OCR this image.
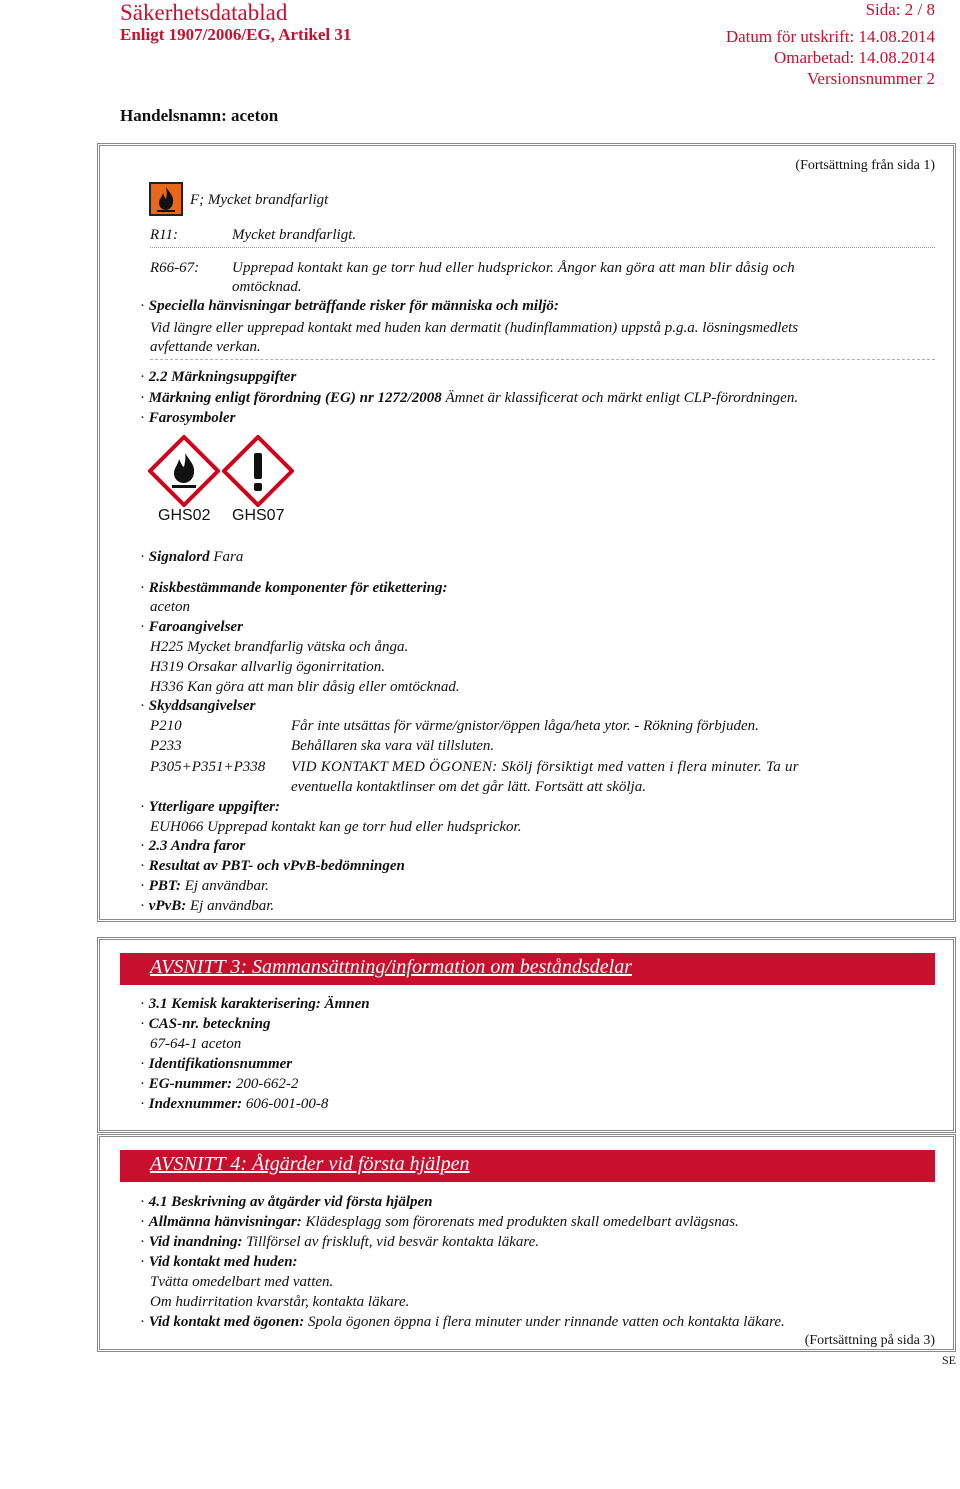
Säkerhetsdatablad
Enligt 1907/2006/EG, Artikel 31
Sida: 2 / 8
Datum för utskrift: 14.08.2014
Omarbetad: 14.08.2014
Versionsnummer 2
Handelsnamn: aceton
(Fortsättning från sida 1)
F; Mycket brandfarligt
R11:	Mycket brandfarligt.
R66-67: Upprepad kontakt kan ge torr hud eller hudsprickor. Ångor kan göra att man blir dåsig och
omtöcknad.
· Speciella hänvisningar beträffande risker för människa och miljö:
Vid längre eller upprepad kontakt med huden kan dermatit (hudinflammation) uppstå p.g.a. lösningsmedlets
avfettande verkan.
· 2.2 Märkningsuppgifter
· Märkning enligt förordning (EG) nr 1272/2008 Ämnet är klassificerat och märkt enligt CLP-förordningen.
· Farosymboler
GHS02 GHS07
· Signalord Fara
· Riskbestämmande komponenter för etikettering:
aceton
· Faroangivelser
H225 Mycket brandfarlig vätska och ånga.
H319 Orsakar allvarlig ögonirritation.
H336 Kan göra att man blir dåsig eller omtöcknad.
· Skyddsangivelser
P210	Får inte utsättas för värme/gnistor/öppen låga/heta ytor. - Rökning förbjuden.
P233	Behållaren ska vara väl tillsluten.
P305+P351+P338 VID KONTAKT MED ÖGONEN: Skölj försiktigt med vatten i flera minuter. Ta ur
eventuella kontaktlinser om det går lätt. Fortsätt att skölja.
· Ytterligare uppgifter:
EUH066 Upprepad kontakt kan ge torr hud eller hudsprickor.
· 2.3 Andra faror
· Resultat av PBT- och vPvB-bedömningen
· PBT: Ej användbar.
· vPvB: Ej användbar.
AVSNITT 3: Sammansättning/information om beståndsdelar
· 3.1 Kemisk karakterisering: Ämnen
· CAS-nr. beteckning
67-64-1 aceton
· Identifikationsnummer
· EG-nummer: 200-662-2
· Indexnummer: 606-001-00-8
AVSNITT 4: Åtgärder vid första hjälpen
· 4.1 Beskrivning av åtgärder vid första hjälpen
· Allmänna hänvisningar: Klädesplagg som förorenats med produkten skall omedelbart avlägsnas.
· Vid inandning: Tillförsel av friskluft, vid besvär kontakta läkare.
· Vid kontakt med huden:
Tvätta omedelbart med vatten.
Om hudirritation kvarstår, kontakta läkare.
· Vid kontakt med ögonen: Spola ögonen öppna i flera minuter under rinnande vatten och kontakta läkare.
(Fortsättning på sida 3)
SE
